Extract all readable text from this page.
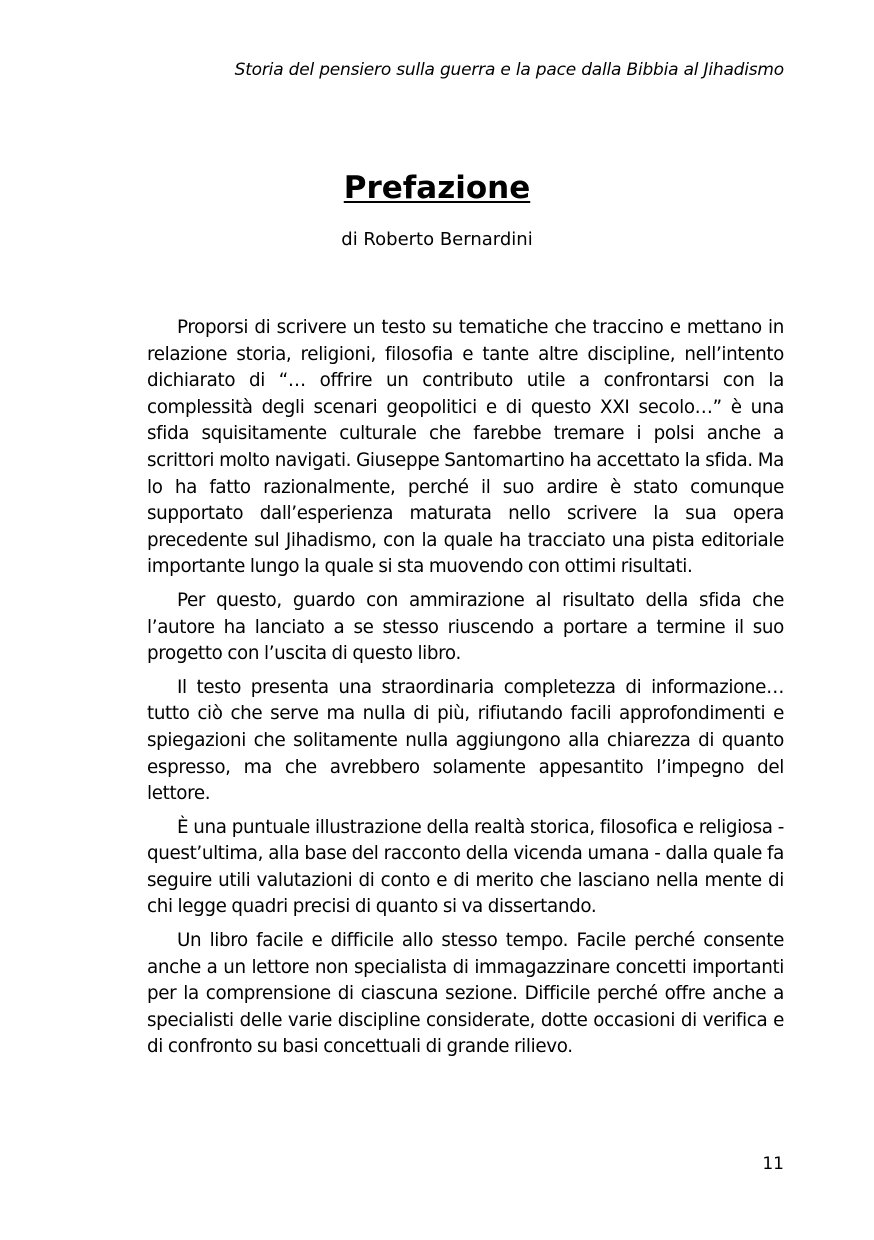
Storia del pensiero sulla guerra e la pace dalla Bibbia al Jihadismo
Prefazione
di Roberto Bernardini

Proporsi di scrivere un testo su tematiche che traccino e mettano in relazione storia, religioni, filosofia e tante altre discipline, nell’intento dichiarato di “… offrire un contributo utile a confrontarsi con la complessità degli scenari geopolitici e di questo XXI secolo…” è una sfida squisitamente culturale che farebbe tremare i polsi anche a scrittori molto navigati. Giuseppe Santomartino ha accettato la sfida. Ma lo ha fatto razionalmente, perché il suo ardire è stato comunque supportato dall’esperienza maturata nello scrivere la sua opera precedente sul Jihadismo, con la quale ha tracciato una pista editoriale importante lungo la quale si sta muovendo con ottimi risultati.

Per questo, guardo con ammirazione al risultato della sfida che l’autore ha lanciato a se stesso riuscendo a portare a termine il suo progetto con l’uscita di questo libro.

Il testo presenta una straordinaria completezza di informazione… tutto ciò che serve ma nulla di più, rifiutando facili approfondimenti e spiegazioni che solitamente nulla aggiungono alla chiarezza di quanto espresso, ma che avrebbero solamente appesantito l’impegno del lettore.

È una puntuale illustrazione della realtà storica, filosofica e religiosa - quest’ultima, alla base del racconto della vicenda umana - dalla quale fa seguire utili valutazioni di conto e di merito che lasciano nella mente di chi legge quadri precisi di quanto si va dissertando.

Un libro facile e difficile allo stesso tempo. Facile perché consente anche a un lettore non specialista di immagazzinare concetti importanti per la comprensione di ciascuna sezione. Difficile perché offre anche a specialisti delle varie discipline considerate, dotte occasioni di verifica e di confronto su basi concettuali di grande rilievo.

11
